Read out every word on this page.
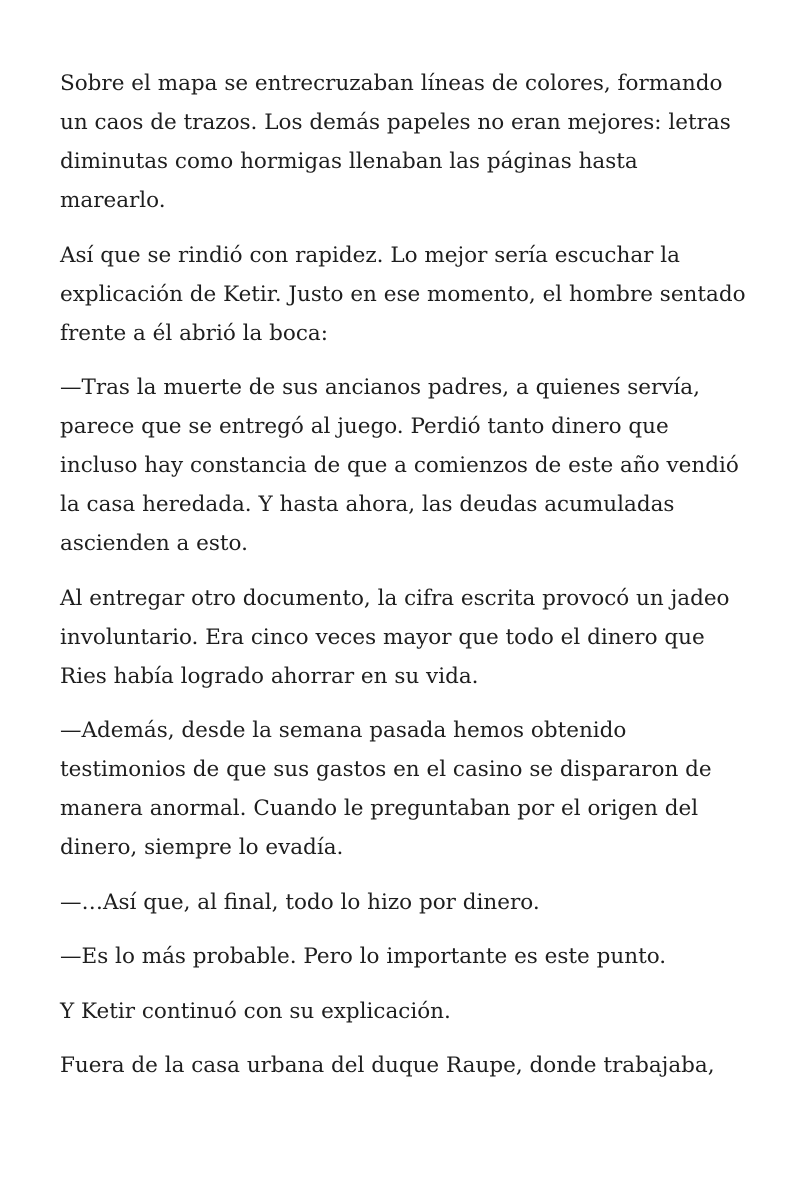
Sobre el mapa se entrecruzaban líneas de colores, formando un caos de trazos. Los demás papeles no eran mejores: letras diminutas como hormigas llenaban las páginas hasta marearlo.

Así que se rindió con rapidez. Lo mejor sería escuchar la explicación de Ketir. Justo en ese momento, el hombre sentado frente a él abrió la boca:

—Tras la muerte de sus ancianos padres, a quienes servía, parece que se entregó al juego. Perdió tanto dinero que incluso hay constancia de que a comienzos de este año vendió la casa heredada. Y hasta ahora, las deudas acumuladas ascienden a esto.

Al entregar otro documento, la cifra escrita provocó un jadeo involuntario. Era cinco veces mayor que todo el dinero que Ries había logrado ahorrar en su vida.

—Además, desde la semana pasada hemos obtenido testimonios de que sus gastos en el casino se dispararon de manera anormal. Cuando le preguntaban por el origen del dinero, siempre lo evadía.

—…Así que, al final, todo lo hizo por dinero.

—Es lo más probable. Pero lo importante es este punto.

Y Ketir continuó con su explicación.

Fuera de la casa urbana del duque Raupe, donde trabajaba,
